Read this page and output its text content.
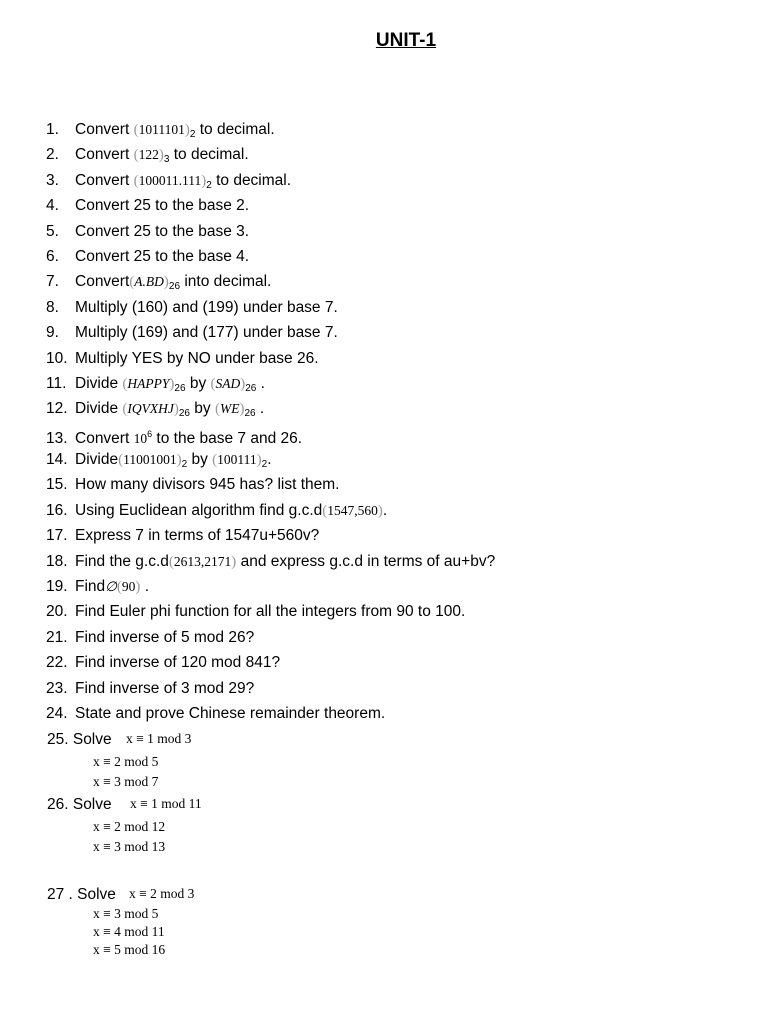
UNIT-1
1. Convert $(1011101)_2$ to decimal.
2. Convert $(122)_3$ to decimal.
3. Convert $(100011.111)_2$ to decimal.
4. Convert 25 to the base 2.
5. Convert 25 to the base 3.
6. Convert 25 to the base 4.
7. $Convert(A.BD)_{26}$ into decimal.
8. Multiply (160) and (199) under base 7.
9. Multiply (169) and (177) under base 7.
10. Multiply YES by NO under base 26.
11. Divide $(HAPPY)_{26}$ by $(SAD)_{26}$ .
12. Divide $(IQVXHJ)_{26}$ by $(WE)_{26}$ .
13. Convert $10^6$ to the base 7 and 26.
14. $Divide(11001001)_2$ by $(100111)_2$.
15. How many divisors 945 has? list them.
16. Using Euclidean algorithm find g.c.d(1547,560).
17. Express 7 in terms of 1547u+560v?
18. Find the g.c.d(2613,2171) and express g.c.d in terms of au+bv?
19. Find∅(90) .
20. Find Euler phi function for all the integers from 90 to 100.
21. Find inverse of 5 mod 26?
22. Find inverse of 120 mod 841?
23. Find inverse of 3 mod 29?
24. State and prove Chinese remainder theorem.
25. Solve x ≡ 1 mod 3
x ≡ 2 mod 5
x ≡ 3 mod 7
26. Solve x ≡ 1 mod 11
x ≡ 2 mod 12
x ≡ 3 mod 13
27 . Solve x ≡ 2 mod 3
x ≡ 3 mod 5
x ≡ 4 mod 11
x ≡ 5 mod 16
